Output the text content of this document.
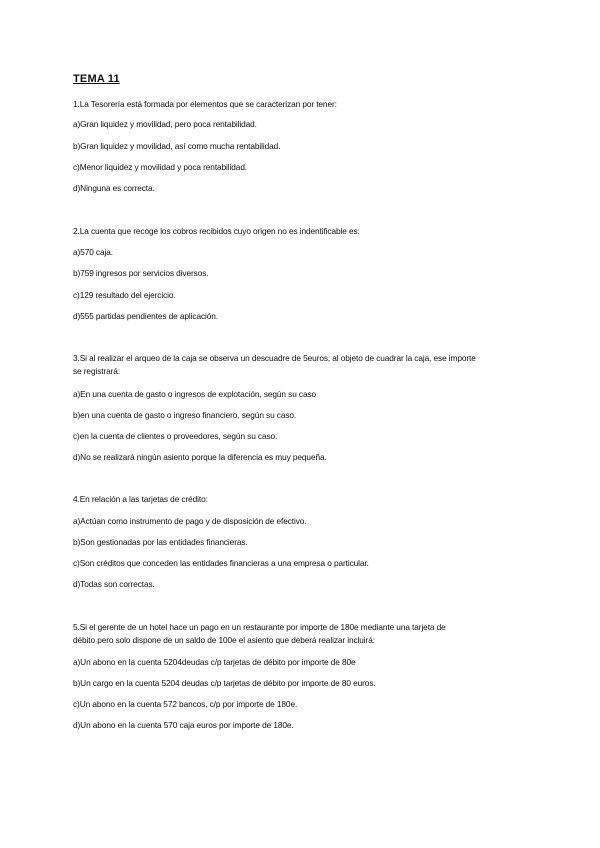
TEMA 11
1.La Tesorería está formada por elementos que se caracterizan por tener:
a)Gran liquidez y movilidad, pero poca rentabilidad.
b)Gran liquidez y movilidad, así como mucha rentabilidad.
c)Menor liquidez y movilidad y poca rentabilidad.
d)Ninguna es correcta.
2.La cuenta que recoge los cobros recibidos cuyo origen no es indentificable es:
a)570 caja.
b)759 ingresos por servicios diversos.
c)129 resultado del ejercicio.
d)555 partidas pendientes de aplicación.
3.Si al realizar el arqueo de la caja se observa un descuadre de 5euros, al objeto de cuadrar la caja, ese importe
se registrará:
a)En una cuenta de gasto o ingresos de explotación, según su caso
b)en una cuenta de gasto o ingreso financiero, según su caso.
c)en la cuenta de clientes o proveedores, según su caso.
d)No se realizará ningún asiento porque la diferencia es muy pequeña.
4.En relación a las tarjetas de crédito:
a)Actúan como instrumento de pago y de disposición de efectivo.
b)Son gestionadas por las entidades financieras.
c)Son créditos que conceden las entidades financieras a una empresa o particular.
d)Todas son correctas.
5.Si el gerente de un hotel hace un pago en un restaurante por importe de 180e mediante una tarjeta de
débito pero solo dispone de un saldo de 100e el asiento que deberá realizar incluirá:
a)Un abono en la cuenta 5204deudas c/p tarjetas de débito por importe de 80e
b)Un cargo en la cuenta 5204 deudas c/p tarjetas de débito por importe de 80 euros.
c)Un abono en la cuenta 572 bancos, c/p por importe de 180e.
d)Un abono en la cuenta 570 caja euros por importe de 180e.
